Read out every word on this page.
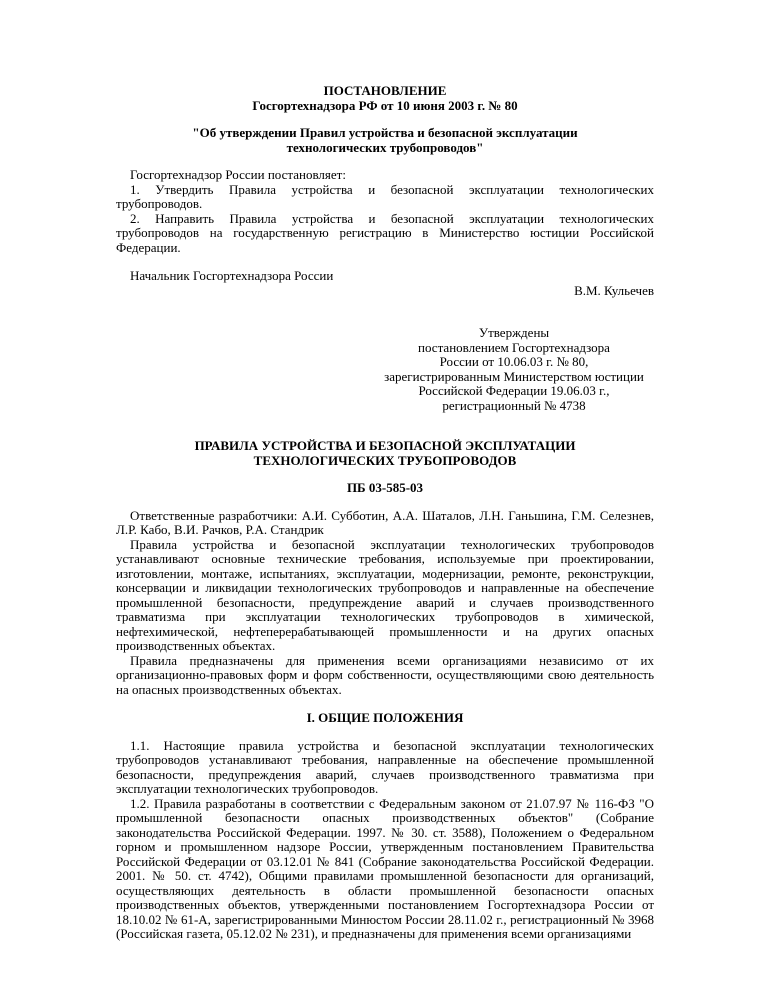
ПОСТАНОВЛЕНИЕ

Госгортехнадзора РФ от 10 июня 2003 г. № 80

"Об утверждении Правил устройства и безопасной эксплуатации

технологических трубопроводов"

Госгортехнадзор России постановляет:

1. Утвердить Правила устройства и безопасной эксплуатации технологических трубопроводов.

2. Направить Правила устройства и безопасной эксплуатации технологических трубопроводов на государственную регистрацию в Министерство юстиции Российской Федерации.

Начальник Госгортехнадзора России

В.М. Кульечев

Утверждены

постановлением Госгортехнадзора

России от 10.06.03 г. № 80,

зарегистрированным Министерством юстиции

Российской Федерации 19.06.03 г.,

регистрационный № 4738

ПРАВИЛА УСТРОЙСТВА И БЕЗОПАСНОЙ ЭКСПЛУАТАЦИИ

ТЕХНОЛОГИЧЕСКИХ ТРУБОПРОВОДОВ

ПБ 03-585-03

Ответственные разработчики: А.И. Субботин, А.А. Шаталов, Л.Н. Ганьшина, Г.М. Селезнев, Л.Р. Кабо, В.И. Рачков, Р.А. Стандрик

Правила устройства и безопасной эксплуатации технологических трубопроводов устанавливают основные технические требования, используемые при проектировании, изготовлении, монтаже, испытаниях, эксплуатации, модернизации, ремонте, реконструкции, консервации и ликвидации технологических трубопроводов и направленные на обеспечение промышленной безопасности, предупреждение аварий и случаев производственного травматизма при эксплуатации технологических трубопроводов в химической, нефтехимической, нефтеперерабатывающей промышленности и на других опасных производственных объектах.

Правила предназначены для применения всеми организациями независимо от их организационно-правовых форм и форм собственности, осуществляющими свою деятельность на опасных производственных объектах.

I. ОБЩИЕ ПОЛОЖЕНИЯ

1.1. Настоящие правила устройства и безопасной эксплуатации технологических трубопроводов устанавливают требования, направленные на обеспечение промышленной безопасности, предупреждения аварий, случаев производственного травматизма при эксплуатации технологических трубопроводов.

1.2. Правила разработаны в соответствии с Федеральным законом от 21.07.97 № 116-ФЗ "О промышленной безопасности опасных производственных объектов" (Собрание законодательства Российской Федерации. 1997. № 30. ст. 3588), Положением о Федеральном горном и промышленном надзоре России, утвержденным постановлением Правительства Российской Федерации от 03.12.01 № 841 (Собрание законодательства Российской Федерации. 2001. № 50. ст. 4742), Общими правилами промышленной безопасности для организаций, осуществляющих деятельность в области промышленной безопасности опасных производственных объектов, утвержденными постановлением Госгортехнадзора России от 18.10.02 № 61-А, зарегистрированными Минюстом России 28.11.02 г., регистрационный № 3968 (Российская газета, 05.12.02 № 231), и предназначены для применения всеми организациями
